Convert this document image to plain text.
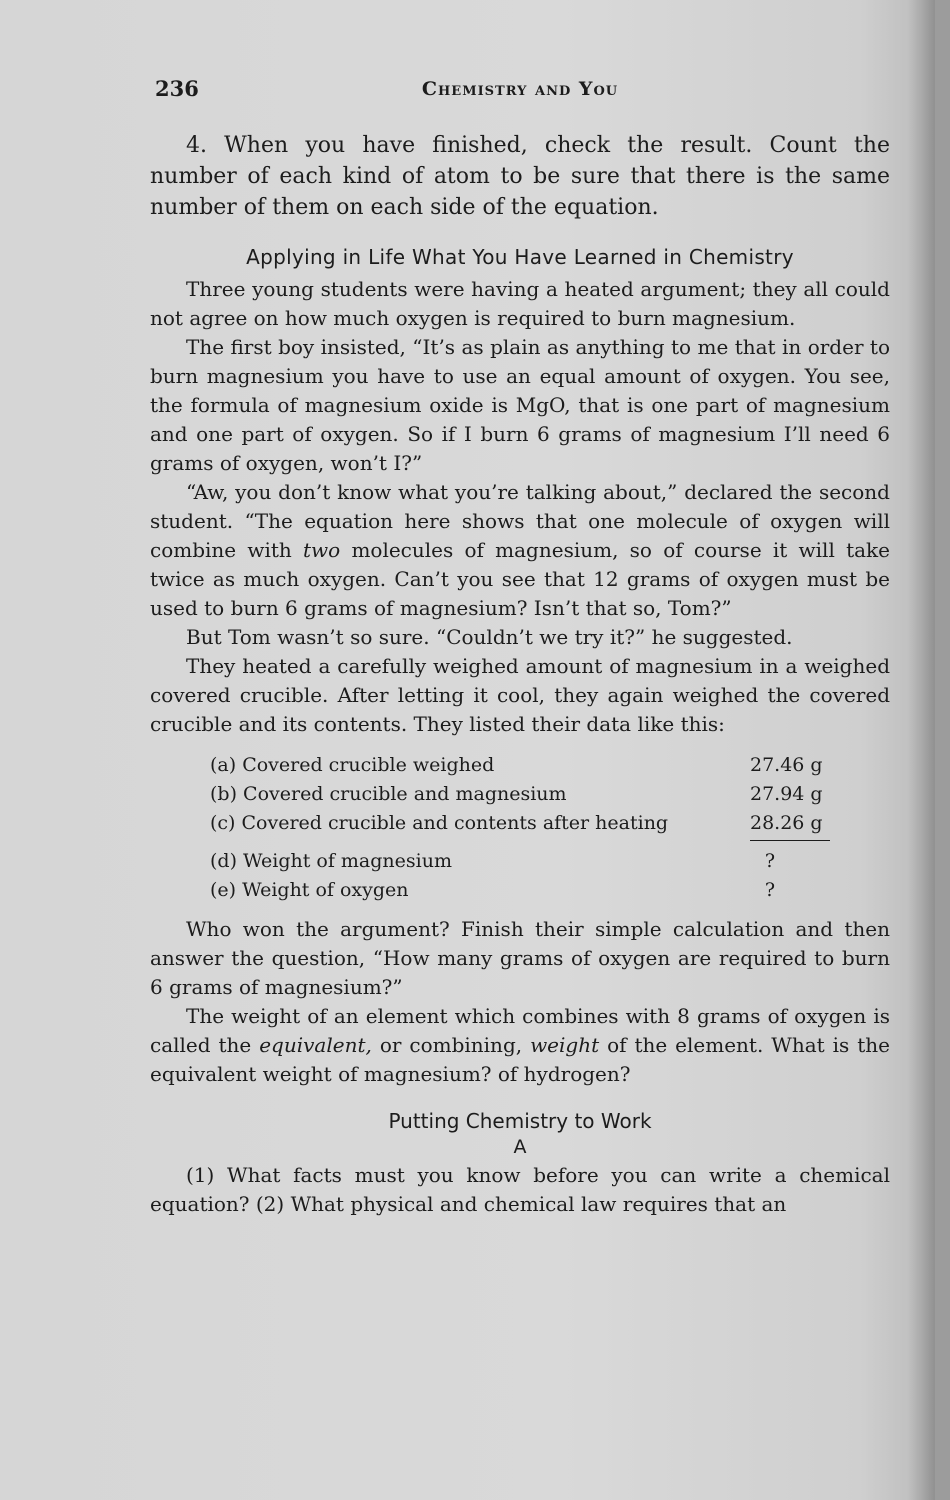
236	Chemistry and You

4. When you have finished, check the result. Count the number of each kind of atom to be sure that there is the same number of them on each side of the equation.

Applying in Life What You Have Learned in Chemistry

Three young students were having a heated argument; they all could not agree on how much oxygen is required to burn magnesium.

The first boy insisted, “It’s as plain as anything to me that in order to burn magnesium you have to use an equal amount of oxygen. You see, the formula of magnesium oxide is MgO, that is one part of magnesium and one part of oxygen. So if I burn 6 grams of magnesium I’ll need 6 grams of oxygen, won’t I?”

“Aw, you don’t know what you’re talking about,” declared the second student. “The equation here shows that one molecule of oxygen will combine with two molecules of magnesium, so of course it will take twice as much oxygen. Can’t you see that 12 grams of oxygen must be used to burn 6 grams of magnesium? Isn’t that so, Tom?”

But Tom wasn’t so sure. “Couldn’t we try it?” he suggested.

They heated a carefully weighed amount of magnesium in a weighed covered crucible. After letting it cool, they again weighed the covered crucible and its contents. They listed their data like this:

(a) Covered crucible weighed	27.46 g
(b) Covered crucible and magnesium	27.94 g
(c) Covered crucible and contents after heating	28.26 g
(d) Weight of magnesium	?
(e) Weight of oxygen	?

Who won the argument? Finish their simple calculation and then answer the question, “How many grams of oxygen are required to burn 6 grams of magnesium?”

The weight of an element which combines with 8 grams of oxygen is called the equivalent, or combining, weight of the element. What is the equivalent weight of magnesium? of hydrogen?

Putting Chemistry to Work
A

(1) What facts must you know before you can write a chemical equation? (2) What physical and chemical law requires that an
